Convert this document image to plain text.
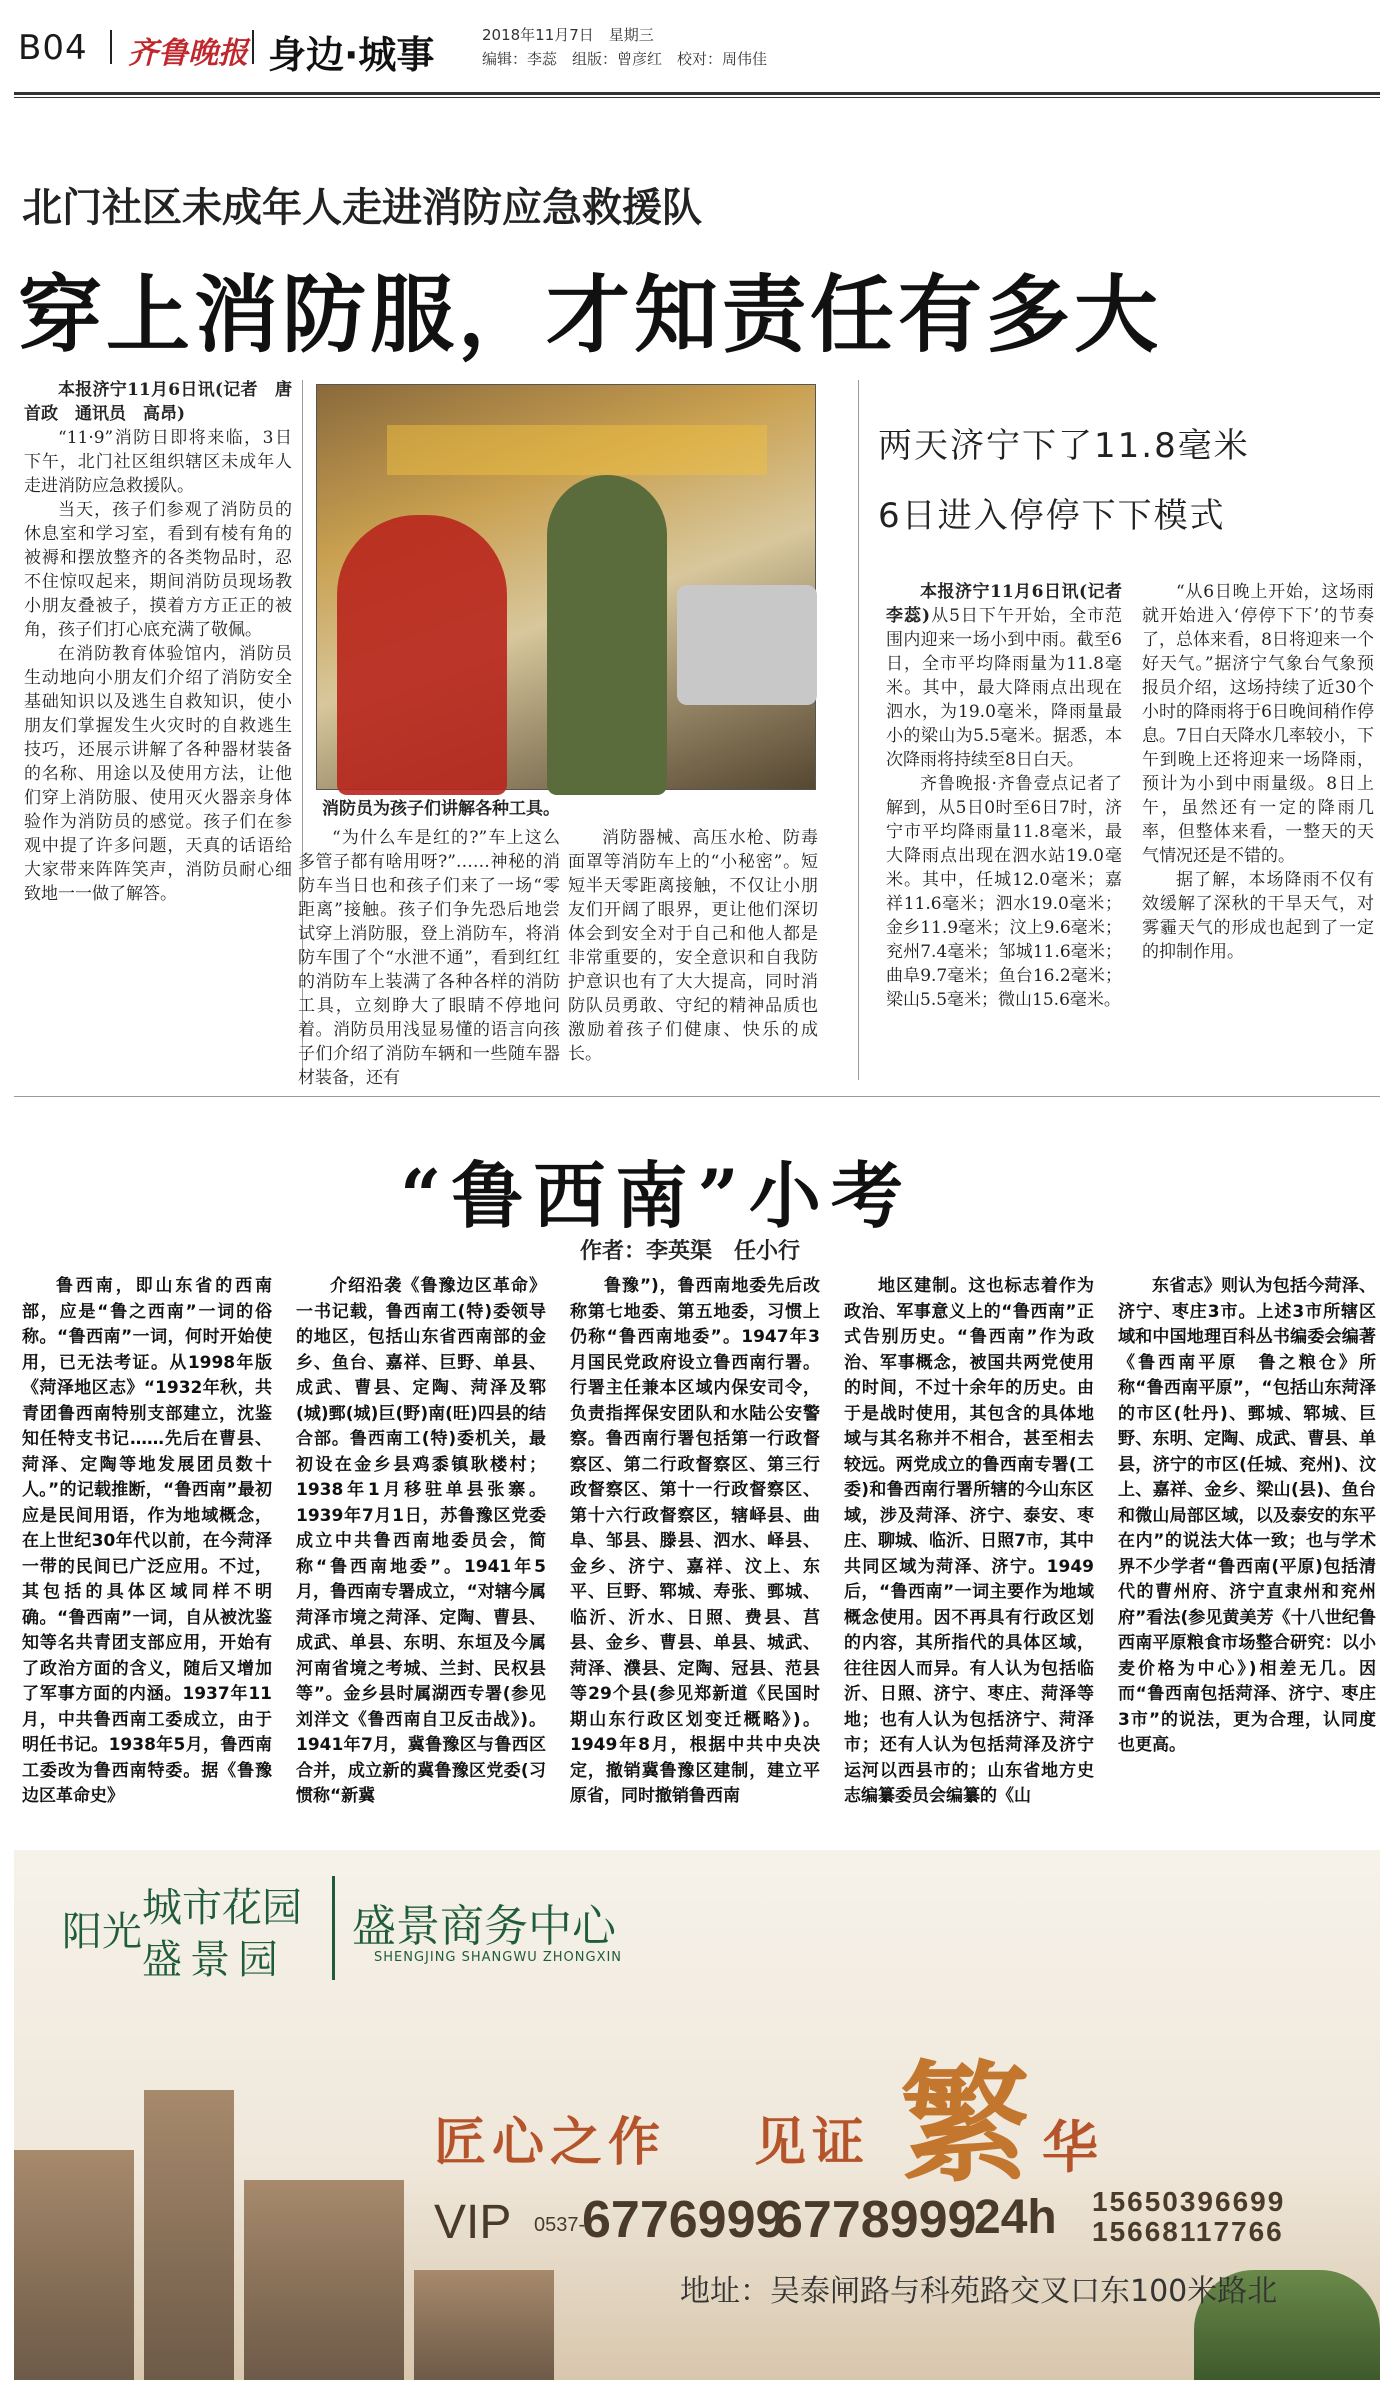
B04 齐鲁晚报 身边·城事	2018年11月7日　星期三
编辑：李蕊　组版：曾彦红　校对：周伟佳
北门社区未成年人走进消防应急救援队
穿上消防服，才知责任有多大

本报济宁11月6日讯(记者　唐首政　通讯员　高昂)

“11·9”消防日即将来临，3日下午，北门社区组织辖区未成年人走进消防应急救援队。

当天，孩子们参观了消防员的休息室和学习室，看到有棱有角的被褥和摆放整齐的各类物品时，忍不住惊叹起来，期间消防员现场教小朋友叠被子，摸着方方正正的被角，孩子们打心底充满了敬佩。

在消防教育体验馆内，消防员生动地向小朋友们介绍了消防安全基础知识以及逃生自救知识，使小朋友们掌握发生火灾时的自救逃生技巧，还展示讲解了各种器材装备的名称、用途以及使用方法，让他们穿上消防服、使用灭火器亲身体验作为消防员的感觉。孩子们在参观中提了许多问题，天真的话语给大家带来阵阵笑声，消防员耐心细致地一一做了解答。

消防员为孩子们讲解各种工具。

“为什么车是红的?”车上这么多管子都有啥用呀?”……神秘的消防车当日也和孩子们来了一场“零距离”接触。孩子们争先恐后地尝试穿上消防服，登上消防车，将消防车围了个“水泄不通”，看到红红的消防车上装满了各种各样的消防工具，立刻睁大了眼睛不停地问着。消防员用浅显易懂的语言向孩子们介绍了消防车辆和一些随车器材装备，还有

消防器械、高压水枪、防毒面罩等消防车上的“小秘密”。短短半天零距离接触，不仅让小朋友们开阔了眼界，更让他们深切体会到安全对于自己和他人都是非常重要的，安全意识和自我防护意识也有了大大提高，同时消防队员勇敢、守纪的精神品质也激励着孩子们健康、快乐的成长。

两天济宁下了11.8毫米
6日进入停停下下模式

本报济宁11月6日讯(记者　李蕊)从5日下午开始，全市范围内迎来一场小到中雨。截至6日，全市平均降雨量为11.8毫米。其中，最大降雨点出现在泗水，为19.0毫米，降雨量最小的梁山为5.5毫米。据悉，本次降雨将持续至8日白天。

齐鲁晚报·齐鲁壹点记者了解到，从5日0时至6日7时，济宁市平均降雨量11.8毫米，最大降雨点出现在泗水站19.0毫米。其中，任城12.0毫米；嘉祥11.6毫米；泗水19.0毫米；金乡11.9毫米；汶上9.6毫米；兖州7.4毫米；邹城11.6毫米；曲阜9.7毫米；鱼台16.2毫米；梁山5.5毫米；微山15.6毫米。

“从6日晚上开始，这场雨就开始进入‘停停下下’的节奏了，总体来看，8日将迎来一个好天气。”据济宁气象台气象预报员介绍，这场持续了近30个小时的降雨将于6日晚间稍作停息。7日白天降水几率较小，下午到晚上还将迎来一场降雨，预计为小到中雨量级。8日上午，虽然还有一定的降雨几率，但整体来看，一整天的天气情况还是不错的。

据了解，本场降雨不仅有效缓解了深秋的干旱天气，对雾霾天气的形成也起到了一定的抑制作用。

“鲁西南”小考
作者：李英渠　任小行

鲁西南，即山东省的西南部，应是“鲁之西南”一词的俗称。“鲁西南”一词，何时开始使用，已无法考证。从1998年版《菏泽地区志》“1932年秋，共青团鲁西南特别支部建立，沈鉴知任特支书记……先后在曹县、菏泽、定陶等地发展团员数十人。”的记载推断，“鲁西南”最初应是民间用语，作为地域概念，在上世纪30年代以前，在今菏泽一带的民间已广泛应用。不过，其包括的具体区域同样不明确。“鲁西南”一词，自从被沈鉴知等名共青团支部应用，开始有了政治方面的含义，随后又增加了军事方面的内涵。1937年11月，中共鲁西南工委成立，由于明任书记。1938年5月，鲁西南工委改为鲁西南特委。据《鲁豫边区革命史》

介绍沿袭《鲁豫边区革命》一书记载，鲁西南工(特)委领导的地区，包括山东省西南部的金乡、鱼台、嘉祥、巨野、单县、成武、曹县、定陶、菏泽及郓(城)鄄(城)巨(野)南(旺)四县的结合部。鲁西南工(特)委机关，最初设在金乡县鸡黍镇耿楼村；1938年1月移驻单县张寨。1939年7月1日，苏鲁豫区党委成立中共鲁西南地委员会，简称“鲁西南地委”。1941年5月，鲁西南专署成立，“对辖今属菏泽市境之菏泽、定陶、曹县、成武、单县、东明、东垣及今属河南省境之考城、兰封、民权县等”。金乡县时属湖西专署(参见刘洋文《鲁西南自卫反击战》)。1941年7月，冀鲁豫区与鲁西区合并，成立新的冀鲁豫区党委(习惯称“新冀

鲁豫”)，鲁西南地委先后改称第七地委、第五地委，习惯上仍称“鲁西南地委”。1947年3月国民党政府设立鲁西南行署。行署主任兼本区域内保安司令，负责指挥保安团队和水陆公安警察。鲁西南行署包括第一行政督察区、第二行政督察区、第三行政督察区、第十一行政督察区、第十六行政督察区，辖峄县、曲阜、邹县、滕县、泗水、峄县、金乡、济宁、嘉祥、汶上、东平、巨野、郓城、寿张、鄄城、临沂、沂水、日照、费县、莒县、金乡、曹县、单县、城武、菏泽、濮县、定陶、冠县、范县等29个县(参见郑新道《民国时期山东行政区划变迁概略》)。1949年8月，根据中共中央决定，撤销冀鲁豫区建制，建立平原省，同时撤销鲁西南

地区建制。这也标志着作为政治、军事意义上的“鲁西南”正式告别历史。“鲁西南”作为政治、军事概念，被国共两党使用的时间，不过十余年的历史。由于是战时使用，其包含的具体地域与其名称并不相合，甚至相去较远。两党成立的鲁西南专署(工委)和鲁西南行署所辖的今山东区域，涉及菏泽、济宁、泰安、枣庄、聊城、临沂、日照7市，其中共同区域为菏泽、济宁。1949后，“鲁西南”一词主要作为地域概念使用。因不再具有行政区划的内容，其所指代的具体区域，往往因人而异。有人认为包括临沂、日照、济宁、枣庄、菏泽等地；也有人认为包括济宁、菏泽市；还有人认为包括菏泽及济宁运河以西县市的；山东省地方史志编纂委员会编纂的《山

东省志》则认为包括今菏泽、济宁、枣庄3市。上述3市所辖区域和中国地理百科丛书编委会编著《鲁西南平原　鲁之粮仓》所称“鲁西南平原”，“包括山东菏泽的市区(牡丹)、鄄城、郓城、巨野、东明、定陶、成武、曹县、单县，济宁的市区(任城、兖州)、汶上、嘉祥、金乡、梁山(县)、鱼台和微山局部区域，以及泰安的东平在内”的说法大体一致；也与学术界不少学者“鲁西南(平原)包括清代的曹州府、济宁直隶州和兖州府”看法(参见黄美芳《十八世纪鲁西南平原粮食市场整合研究：以小麦价格为中心》)相差无几。因而“鲁西南包括菏泽、济宁、枣庄3市”的说法，更为合理，认同度也更高。

阳光
城市花园
盛景园
盛景商务中心
SHENGJING SHANGWU ZHONGXIN
匠心之作 见证 繁 华
VIP 0537-
6776999
6778999
24h 15650396699
15668117766
地址：吴泰闸路与科苑路交叉口东100米路北
